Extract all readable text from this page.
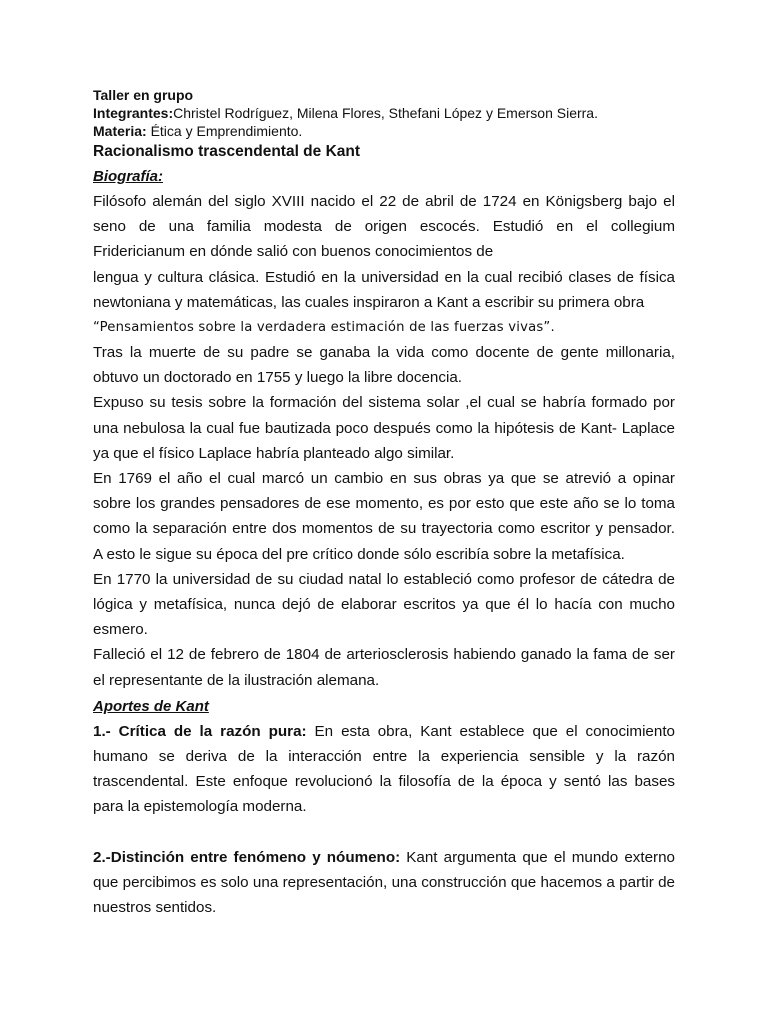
Taller en grupo
Integrantes:Christel Rodríguez, Milena Flores, Sthefani López y Emerson Sierra.
Materia: Ética y Emprendimiento.
Racionalismo trascendental de Kant
Biografía:

Filósofo alemán del siglo XVIII nacido el 22 de abril de 1724 en Königsberg bajo el seno de una familia modesta de origen escocés. Estudió en el collegium Fridericianum en dónde salió con buenos conocimientos de

lengua y cultura clásica. Estudió en la universidad en la cual recibió clases de física newtoniana y matemáticas, las cuales inspiraron a Kant a escribir su primera obra

“Pensamientos sobre la verdadera estimación de las fuerzas vivas”.

Tras la muerte de su padre se ganaba la vida como docente de gente millonaria, obtuvo un doctorado en 1755 y luego la libre docencia.

Expuso su tesis sobre la formación del sistema solar ,el cual se habría formado por una nebulosa la cual fue bautizada poco después como la hipótesis de Kant- Laplace ya que el físico Laplace habría planteado algo similar.

En 1769 el año el cual marcó un cambio en sus obras ya que se atrevió a opinar sobre los grandes pensadores de ese momento, es por esto que este año se lo toma como la separación entre dos momentos de su trayectoria como escritor y pensador. A esto le sigue su época del pre crítico donde sólo escribía sobre la metafísica.

En 1770 la universidad de su ciudad natal lo estableció como profesor de cátedra de lógica y metafísica, nunca dejó de elaborar escritos ya que él lo hacía con mucho esmero.

Falleció el 12 de febrero de 1804 de arteriosclerosis habiendo ganado la fama de ser el representante de la ilustración alemana.

Aportes de Kant

1.- Crítica de la razón pura: En esta obra, Kant establece que el conocimiento humano se deriva de la interacción entre la experiencia sensible y la razón trascendental. Este enfoque revolucionó la filosofía de la época y sentó las bases para la epistemología moderna.

2.-Distinción entre fenómeno y nóumeno: Kant argumenta que el mundo externo que percibimos es solo una representación, una construcción que hacemos a partir de nuestros sentidos.
